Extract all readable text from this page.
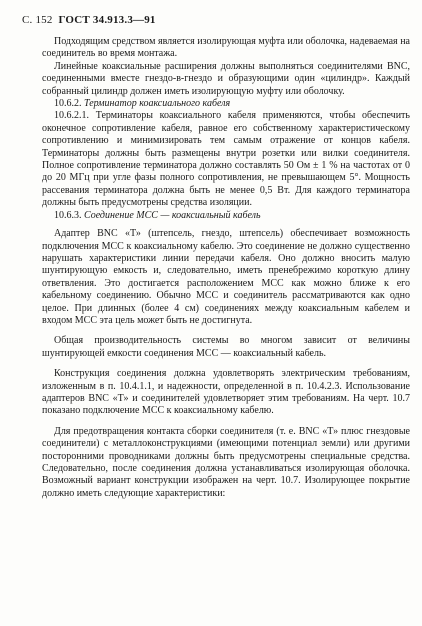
С. 152 ГОСТ 34.913.3—91

Подходящим средством является изолирующая муфта или оболочка, надеваемая на соединитель во время монтажа.

Линейные коаксиальные расширения должны выполняться соединителями BNC, соединенными вместе гнездо-в-гнездо и образующими один «цилиндр». Каждый собранный цилиндр должен иметь изолирующую муфту или оболочку.

10.6.2. Терминатор коаксиального кабеля

10.6.2.1. Терминаторы коаксиального кабеля применяются, чтобы обеспечить оконечное сопротивление кабеля, равное его собственному характеристическому сопротивлению и минимизировать тем самым отражение от концов кабеля. Терминаторы должны быть размещены внутри розетки или вилки соединителя. Полное сопротивление терминатора должно составлять 50 Ом ± 1 % на частотах от 0 до 20 МГц при угле фазы полного сопротивления, не превышающем 5°. Мощность рассевания терминатора должна быть не менее 0,5 Вт. Для каждого терминатора должны быть предусмотрены средства изоляции.

10.6.3. Соединение МСС — коаксиальный кабель

Адаптер BNC «Т» (штепсель, гнездо, штепсель) обеспечивает возможность подключения МСС к коаксиальному кабелю. Это соединение не должно существенно нарушать характеристики линии передачи кабеля. Оно должно вносить малую шунтирующую емкость и, следовательно, иметь пренебрежимо короткую длину ответвления. Это достигается расположением МСС как можно ближе к его кабельному соединению. Обычно МСС и соединитель рассматриваются как одно целое. При длинных (более 4 см) соединениях между коаксиальным кабелем и входом МСС эта цель может быть не достигнута.

Общая производительность системы во многом зависит от величины шунтирующей емкости соединения МСС — коаксиальный кабель.

Конструкция соединения должна удовлетворять электрическим требованиям, изложенным в п. 10.4.1.1, и надежности, определенной в п. 10.4.2.3. Использование адаптеров BNC «Т» и соединителей удовлетворяет этим требованиям. На черт. 10.7 показано подключение МСС к коаксиальному кабелю.

Для предотвращения контакта сборки соединителя (т. е. BNC «Т» плюс гнездовые соединители) с металлоконструкциями (имеющими потенциал земли) или другими посторонними проводниками должны быть предусмотрены специальные средства. Следовательно, после соединения должна устанавливаться изолирующая оболочка. Возможный вариант конструкции изображен на черт. 10.7. Изолирующее покрытие должно иметь следующие характеристики:
